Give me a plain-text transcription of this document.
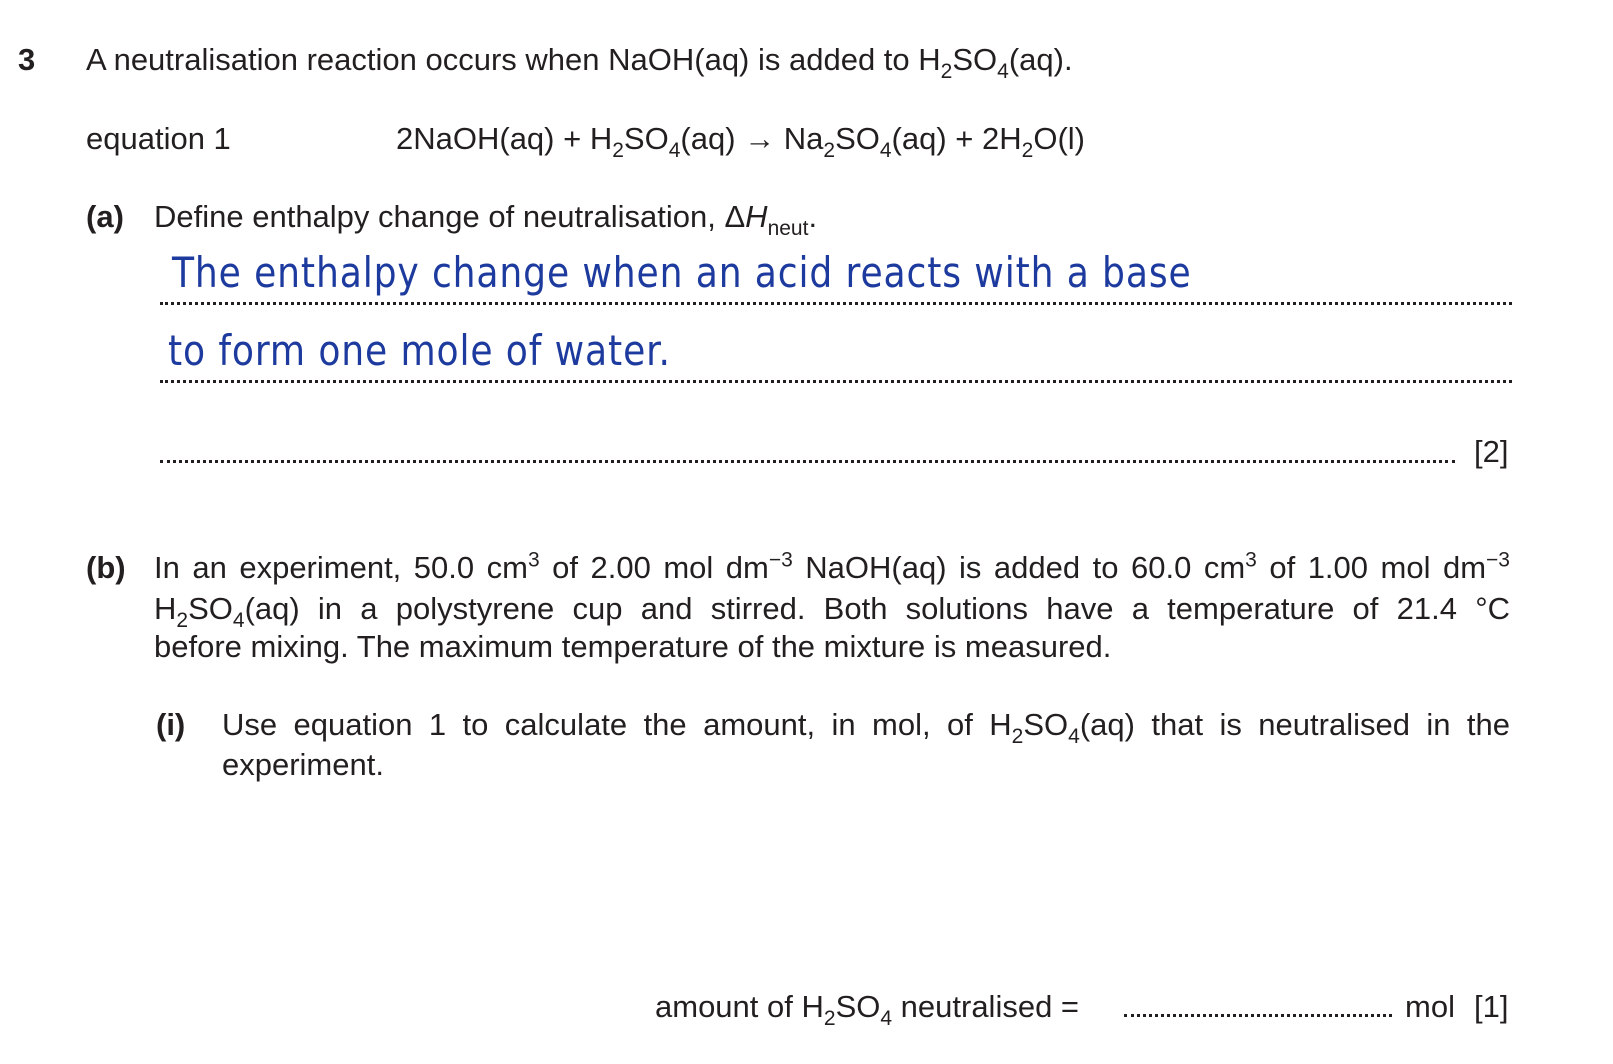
3 A neutralisation reaction occurs when NaOH(aq) is added to $H_2SO_4(aq)$.
equation 1	2NaOH(aq) + $H_2SO_4(aq) \to Na_2SO_4(aq) + 2H_2O(l)$
(a) Define enthalpy change of neutralisation, $\Delta H_{neut}$.
The enthalpy change when an acid reacts with a base
to form one mole of water.
[2]
(b) In an experiment, 50.0 $cm^3$ of 2.00 mol $dm^{-3}$ NaOH(aq) is added to 60.0 $cm^3$ of 1.00 mol $dm^{-3}$
$H_2SO_4(aq)$ in a polystyrene cup and stirred. Both solutions have a temperature of 21.4 °C
before mixing. The maximum temperature of the mixture is measured.
(i) Use equation 1 to calculate the amount, in mol, of $H_2SO_4(aq)$ that is neutralised in the
experiment.
amount of $H_2SO_4$ neutralised =	mol [1]
